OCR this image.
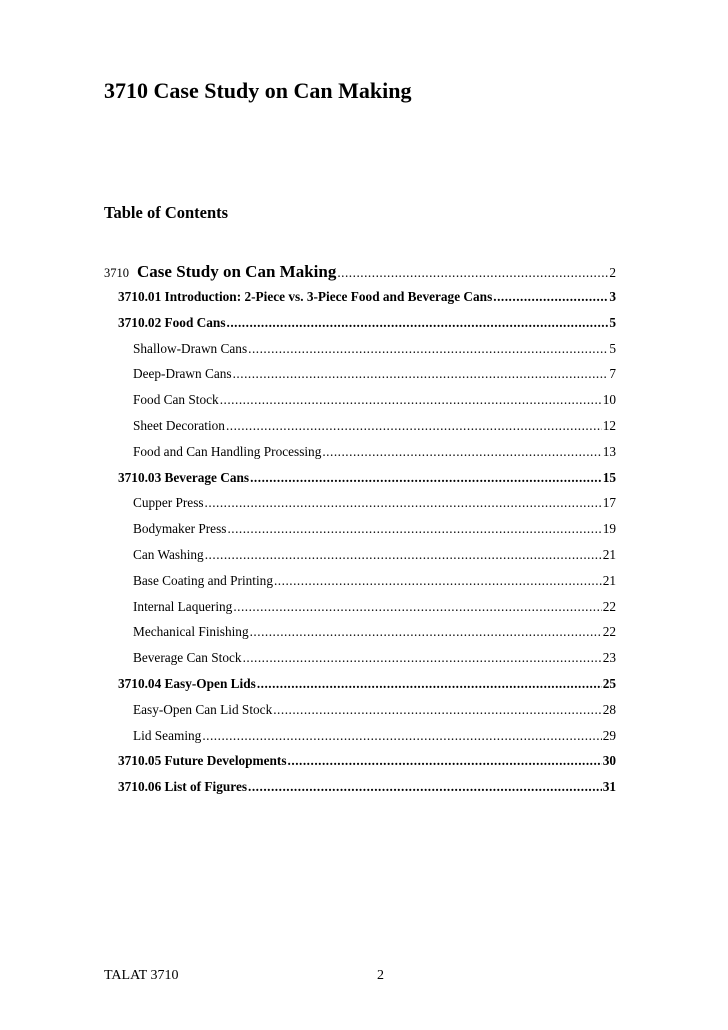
3710 Case Study on Can Making
Table of Contents
3710 Case Study on Can Making .....	2
3710.01 Introduction: 2-Piece vs. 3-Piece Food and Beverage Cans .....	3
3710.02 Food Cans .....	5
Shallow-Drawn Cans .....	5
Deep-Drawn Cans .....	7
Food Can Stock .....	10
Sheet Decoration .....	12
Food and Can Handling Processing .....	13
3710.03 Beverage Cans .....	15
Cupper Press .....	17
Bodymaker Press .....	19
Can Washing .....	21
Base Coating and Printing .....	21
Internal Laquering .....	22
Mechanical Finishing .....	22
Beverage Can Stock .....	23
3710.04 Easy-Open Lids .....	25
Easy-Open Can Lid Stock .....	28
Lid Seaming .....	29
3710.05 Future Developments .....	30
3710.06 List of Figures .....	31
TALAT 3710	2
